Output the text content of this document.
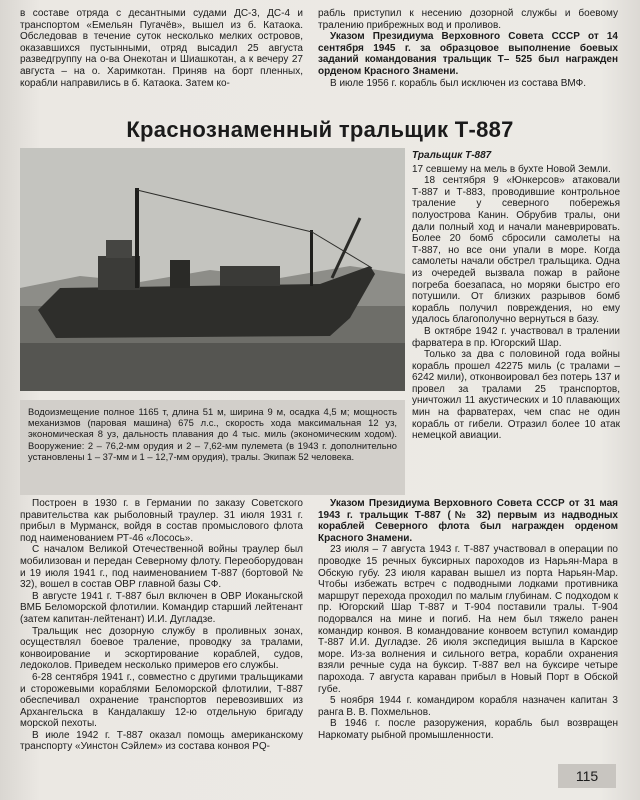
в составе отряда с десантными судами ДС-3, ДС-4 и транспортом «Емельян Пугачёв», вышел из б. Катаока. Обследовав в течение суток несколько мелких островов, оказавшихся пустынными, отряд высадил 25 августа разведгруппу на о-ва Онекотан и Шиашкотан, а к вечеру 27 августа – на о. Харимкотан. Приняв на борт пленных, корабли направились в б. Катаока. Затем ко-

рабль приступил к несению дозорной службы и боевому тралению прибрежных вод и проливов.

Указом Президиума Верховного Совета СССР от 14 сентября 1945 г. за образцовое выполнение боевых заданий командования тральщик Т– 525 был награжден орденом Красного Знамени.

В июле 1956 г. корабль был исключен из состава ВМФ.

Краснознаменный тральщик Т-887
Водоизмещение полное 1165 т, длина 51 м, ширина 9 м, осадка 4,5 м; мощность механизмов (паровая машина) 675 л.с., скорость хода максимальная 12 уз, экономическая 8 уз, дальность плавания до 4 тыс. миль (экономическим ходом). Вооружение: 2 – 76,2-мм орудия и 2 – 7,62-мм пулемета (в 1943 г. дополнительно установлены 1 – 37-мм и 1 – 12,7-мм орудия), тралы. Экипаж 52 человека.

Тральщик Т-887

17 севшему на мель в бухте Новой Земли.

18 сентября 9 «Юнкерсов» атаковали Т-887 и Т-883, проводившие контрольное траление у северного побережья полуострова Канин. Обрубив тралы, они дали полный ход и начали маневрировать. Более 20 бомб сбросили самолеты на Т-887, но все они упали в море. Когда самолеты начали обстрел тральщика. Одна из очередей вызвала пожар в районе погреба боезапаса, но моряки быстро его потушили. От близких разрывов бомб корабль получил повреждения, но ему удалось благополучно вернуться в базу.

В октябре 1942 г. участвовал в тралении фарватера в пр. Югорский Шар.

Только за два с половиной года войны корабль прошел 42275 миль (с тралами – 6242 мили), отконвоировал без потерь 137 и провел за тралами 25 транспортов, уничтожил 11 акустических и 10 плавающих мин на фарватерах, чем спас не один корабль от гибели. Отразил более 10 атак немецкой авиации.

Построен в 1930 г. в Германии по заказу Советского правительства как рыболовный траулер. 31 июля 1931 г. прибыл в Мурманск, войдя в состав промыслового флота под наименованием РТ-46 «Лосось».

С началом Великой Отечественной войны траулер был мобилизован и передан Северному флоту. Переоборудован и 19 июля 1941 г., под наименованием Т-887 (бортовой № 32), вошел в состав ОВР главной базы СФ.

В августе 1941 г. Т-887 был включен в ОВР Иоканьгской ВМБ Беломорской флотилии. Командир старший лейтенант (затем капитан-лейтенант) И.И. Дугладзе.

Тральщик нес дозорную службу в проливных зонах, осуществлял боевое траление, проводку за тралами, конвоирование и эскортирование кораблей, судов, ледоколов. Приведем несколько примеров его службы.

6-28 сентября 1941 г., совместно с другими тральщиками и сторожевыми кораблями Беломорской флотилии, Т-887 обеспечивал охранение транспортов перевозивших из Архангельска в Кандалакшу 12-ю отдельную бригаду морской пехоты.

В июле 1942 г. Т-887 оказал помощь американскому транспорту «Уинстон Сэйлем» из состава конвоя PQ-

Указом Президиума Верховного Совета СССР от 31 мая 1943 г. тральщик Т-887 (№ 32) первым из надводных кораблей Северного флота был награжден орденом Красного Знамени.

23 июля – 7 августа 1943 г. Т-887 участвовал в операции по проводке 15 речных буксирных пароходов из Нарьян-Мара в Обскую губу. 23 июля караван вышел из порта Нарьян-Мар. Чтобы избежать встреч с подводными лодками противника маршрут перехода проходил по малым глубинам. С подходом к пр. Югорский Шар Т-887 и Т-904 поставили тралы. Т-904 подорвался на мине и погиб. На нем был тяжело ранен командир конвоя. В командование конвоем вступил командир Т-887 И.И. Дугладзе. 26 июля экспедиция вышла в Карское море. Из-за волнения и сильного ветра, корабли охранения взяли речные суда на буксир. Т-887 вел на буксире четыре парохода. 7 августа караван прибыл в Новый Порт в Обской губе.

5 ноября 1944 г. командиром корабля назначен капитан 3 ранга В. В. Похмельнов.

В 1946 г. после разоружения, корабль был возвращен Наркомату рыбной промышленности.

115
